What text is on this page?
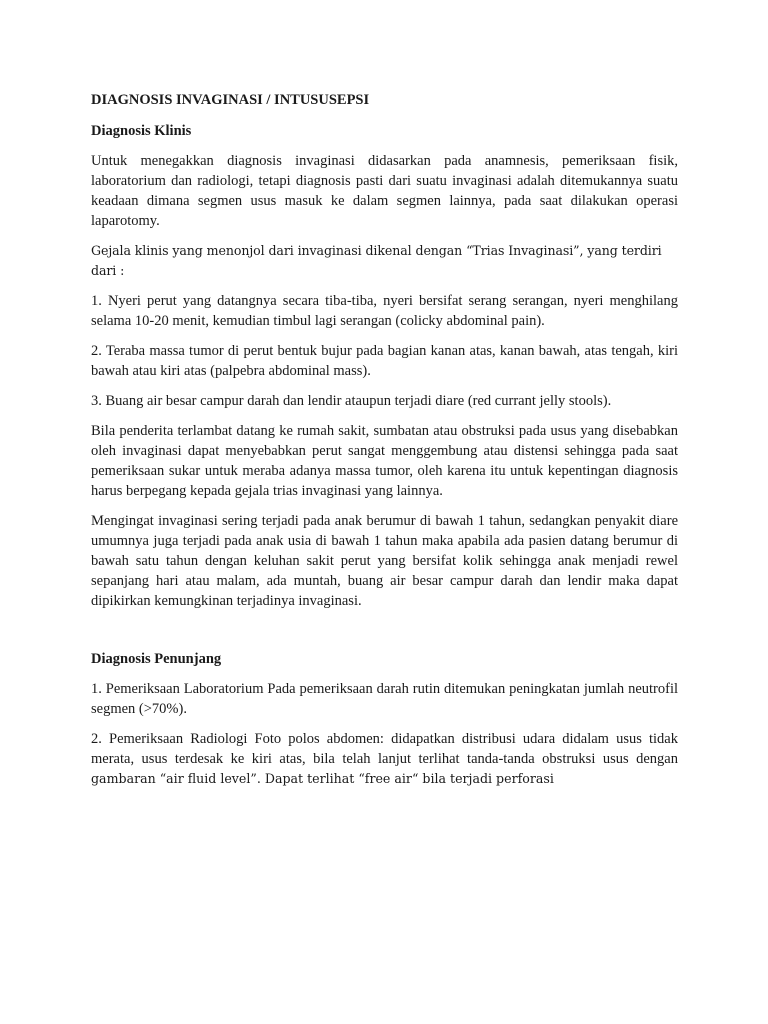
DIAGNOSIS INVAGINASI / INTUSUSEPSI
Diagnosis Klinis

Untuk menegakkan diagnosis invaginasi didasarkan pada anamnesis, pemeriksaan fisik, laboratorium dan radiologi, tetapi diagnosis pasti dari suatu invaginasi adalah ditemukannya suatu keadaan dimana segmen usus masuk ke dalam segmen lainnya, pada saat dilakukan operasi laparotomy.

Gejala klinis yang menonjol dari invaginasi dikenal dengan “Trias Invaginasi”, yang terdiri dari :

1. Nyeri perut yang datangnya secara tiba-tiba, nyeri bersifat serang serangan, nyeri menghilang selama 10-20 menit, kemudian timbul lagi serangan (colicky abdominal pain).

2. Teraba massa tumor di perut bentuk bujur pada bagian kanan atas, kanan bawah, atas tengah, kiri bawah atau kiri atas (palpebra abdominal mass).

3. Buang air besar campur darah dan lendir ataupun terjadi diare (red currant jelly stools).

Bila penderita terlambat datang ke rumah sakit, sumbatan atau obstruksi pada usus yang disebabkan oleh invaginasi dapat menyebabkan perut sangat menggembung atau distensi sehingga pada saat pemeriksaan sukar untuk meraba adanya massa tumor, oleh karena itu untuk kepentingan diagnosis harus berpegang kepada gejala trias invaginasi yang lainnya.

Mengingat invaginasi sering terjadi pada anak berumur di bawah 1 tahun, sedangkan penyakit diare umumnya juga terjadi pada anak usia di bawah 1 tahun maka apabila ada pasien datang berumur di bawah satu tahun dengan keluhan sakit perut yang bersifat kolik sehingga anak menjadi rewel sepanjang hari atau malam, ada muntah, buang air besar campur darah dan lendir maka dapat dipikirkan kemungkinan terjadinya invaginasi.

Diagnosis Penunjang

1. Pemeriksaan Laboratorium Pada pemeriksaan darah rutin ditemukan peningkatan jumlah neutrofil segmen (>70%).

2. Pemeriksaan Radiologi Foto polos abdomen: didapatkan distribusi udara didalam usus tidak merata, usus terdesak ke kiri atas, bila telah lanjut terlihat tanda-tanda obstruksi usus dengan gambaran “air fluid level”. Dapat terlihat “free air“ bila terjadi perforasi
